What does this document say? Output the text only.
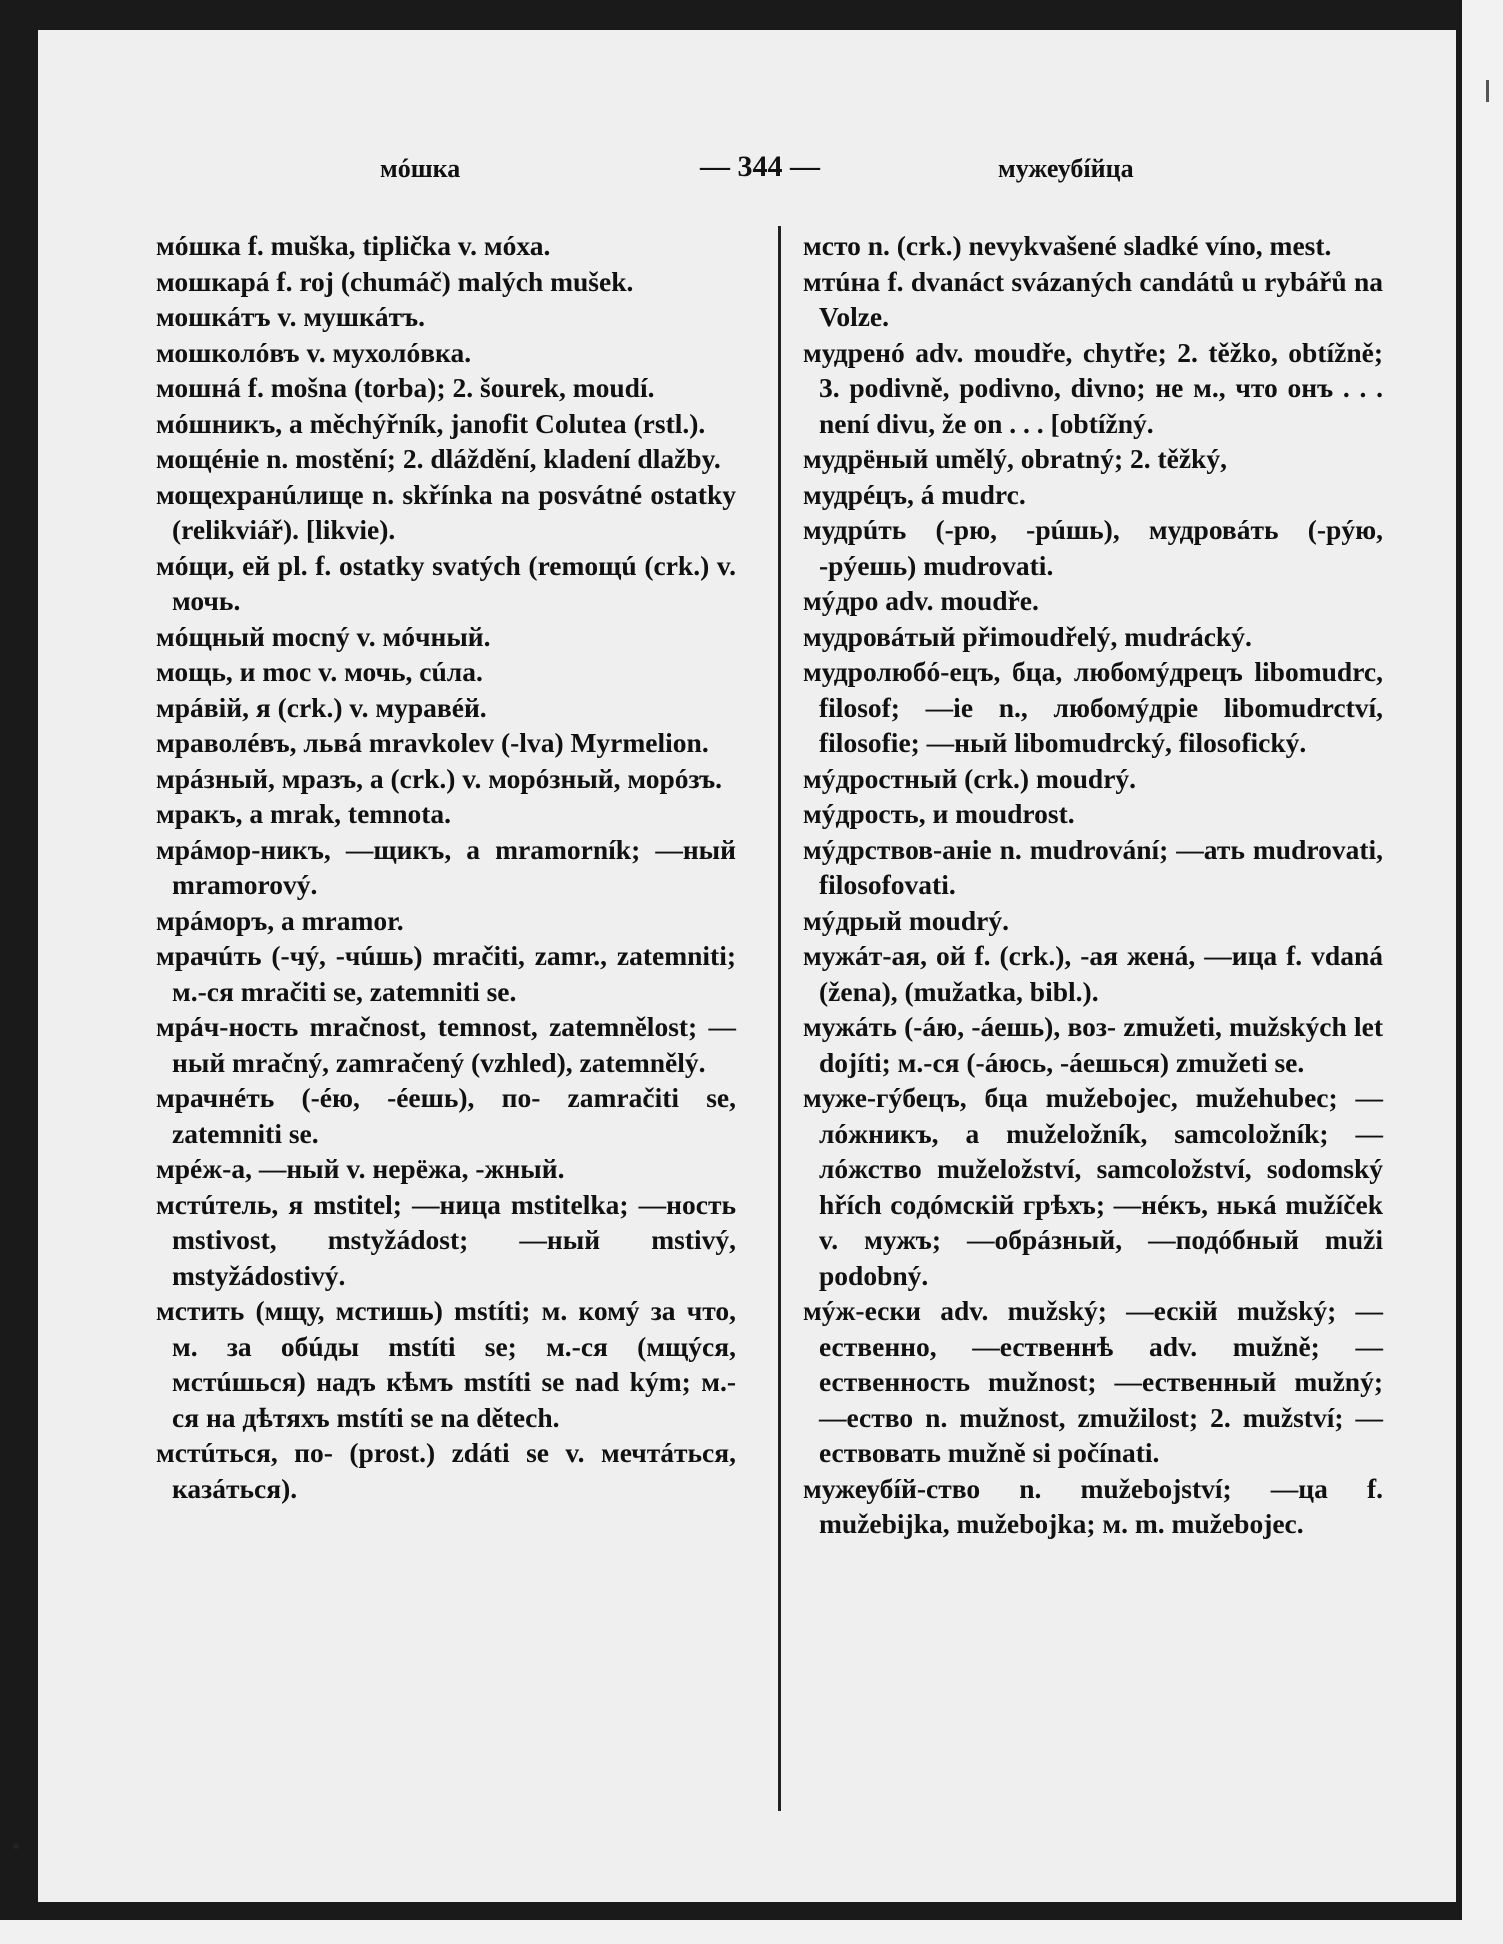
мóшка	— 344 —	мужеубíйца

мóшка f. muška, tiplička v. мóха.

мошкарá f. roj (chumáč) malých mušek.

мошкáтъ v. мушкáтъ.

мошколóвъ v. мухолóвка.

мошнá f. mošna (torba); 2. šourek, moudí.

мóшникъ, a měchýřník, janofit Colutea (rstl.).

мощéніе n. mostění; 2. dláždění, kladení dlažby.

мощехранúлище n. skřínka na posvátné ostatky (relikviář). [likvie).

мóщи, ей pl. f. ostatky svatých (remoщú (crk.) v. мочь.

мóщный mocný v. мóчный.

мощь, и moc v. мочь, сúла.

мрáвій, я (crk.) v. муравéй.

мраволéвъ, львá mravkolev (-lva) Myrmelion.

мрáзный, мразъ, a (crk.) v. морóзный, морóзъ.

мракъ, a mrak, temnota.

мрáмор-никъ, —щикъ, a mramorník; —ный mramorový.

мрáморъ, a mramor.

мрачúть (-чý, -чúшь) mračiti, zamr., zatemniti; м.-ся mračiti se, zatemniti se.

мрáч-ность mračnost, temnost, zatemnělost; —ный mračný, zamračený (vzhled), zatemnělý.

мрачнéть (-éю, -éешь), по- zamračiti se, zatemniti se.

мрéж-а, —ный v. нерёжа, -жный.

мстúтель, я mstitel; —ница mstitelka; —ность mstivost, mstyžádost; —ный mstivý, mstyžádostivý.

мстить (мщу, мстишь) mstíti; м. комý за что, м. за обúды mstíti se; м.-ся (мщýся, мстúшься) надъ кѣмъ mstíti se nad kým; м.-ся на дѣтяхъ mstíti se na dětech.

мстúться, по- (prost.) zdáti se v. мечтáться, казáться).

мсто n. (crk.) nevykvašené sladké víno, mest.

мтúна f. dvanáct svázaných candátů u rybářů na Volze.

мудренó adv. moudře, chytře; 2. těžko, obtížně; 3. podivně, podivno, divno; не м., что онъ . . . není divu, že on . . . [obtížný.

мудрёный umělý, obratný; 2. těžký,

мудрéцъ, á mudrc.

мудрúть (-рю, -рúшь), мудровáть (-рýю, -рýешь) mudrovati.

мýдро adv. moudře.

мудровáтый přimoudřelý, mudrácký.

мудролюбó-ецъ, бца, любомýдрецъ libomudrc, filosof; —іе n., любомýдріе libomudrctví, filosofie; —ный libomudrcký, filosofický.

мýдростный (crk.) moudrý.

мýдрость, и moudrost.

мýдрствов-аніе n. mudrování; —ать mudrovati, filosofovati.

мýдрый moudrý.

мужáт-ая, ой f. (crk.), -ая женá, —ица f. vdaná (žena), (mužatka, bibl.).

мужáть (-áю, -áешь), воз- zmužeti, mužských let dojíti; м.-ся (-áюсь, -áешься) zmužeti se.

муже-гýбецъ, бца mužebojec, mužehubec; —лóжникъ, a muželožník, samcoložník; —лóжство muželožství, samcoložství, sodomský hřích coдóмскій грѣхъ; —нéкъ, нькá mužíček v. мужъ; —обрáзный, —подóбный muži podobný.

мýж-ески adv. mužský; —ескій mužský; —ественно, —ественнѣ adv. mužně; —ественность mužnost; —ественный mužný; —ество n. mužnost, zmužilost; 2. mužství; —ествовать mužně si počínati.

мужеубíй-ство n. mužebojství; —ца f. mužebijka, mužebojka; м. m. mužebojec.
